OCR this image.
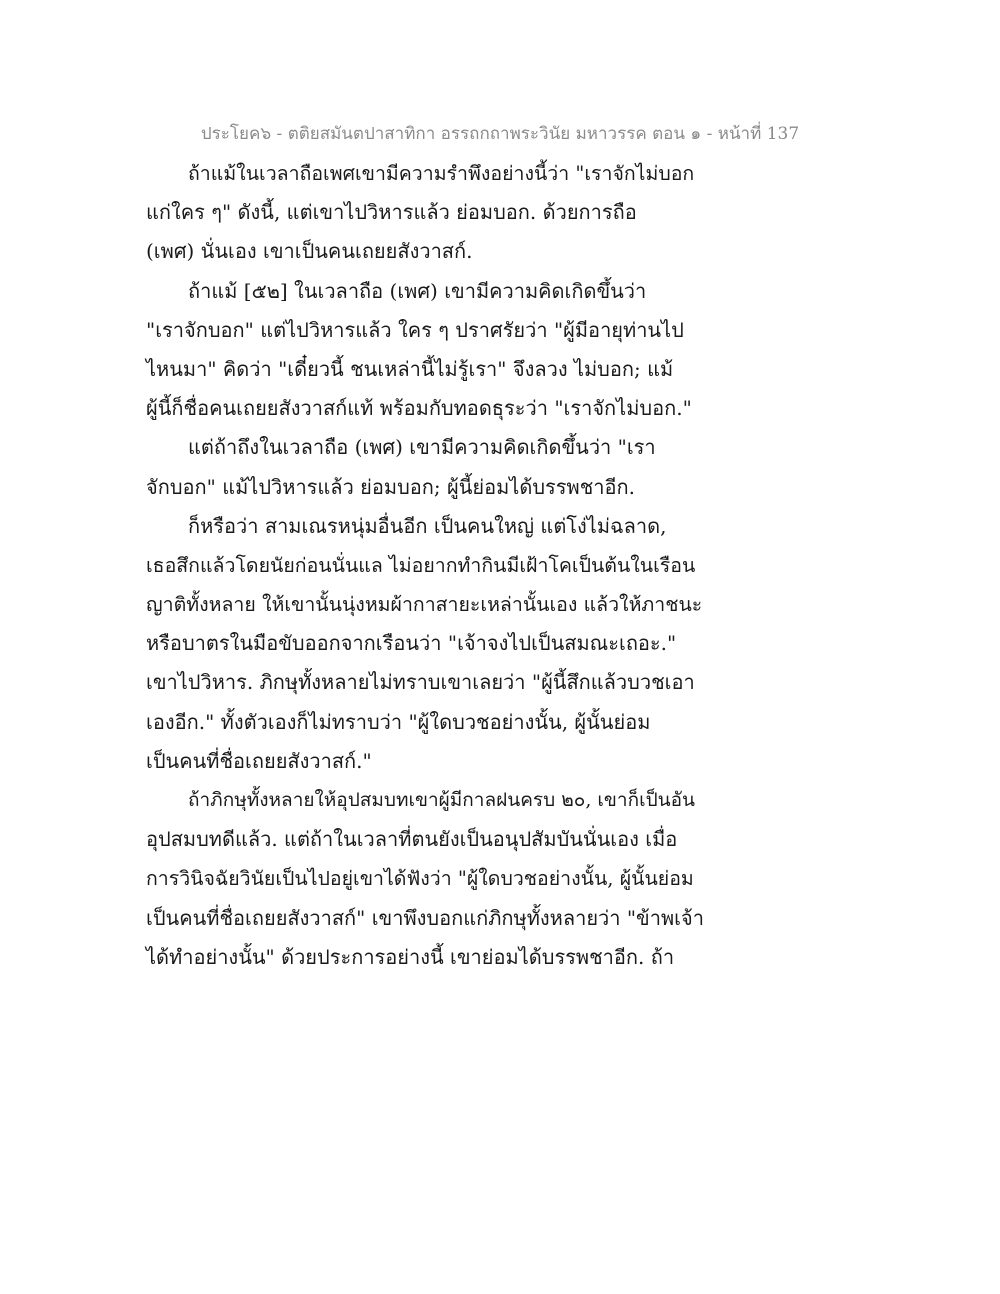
ประโยค๖ - ตติยสมันตปาสาทิกา อรรถกถาพระวินัย มหาวรรค ตอน ๑ - หน้าที่ 137
ถ้าแม้ในเวลาถือเพศเขามีความรำพึงอย่างนี้ว่า "เราจักไม่บอก
แก่ใคร ๆ" ดังนี้, แต่เขาไปวิหารแล้ว ย่อมบอก. ด้วยการถือ
(เพศ) นั่นเอง เขาเป็นคนเถยยสังวาสก์.
ถ้าแม้ [๕๒] ในเวลาถือ (เพศ) เขามีความคิดเกิดขึ้นว่า
"เราจักบอก" แต่ไปวิหารแล้ว ใคร ๆ ปราศรัยว่า "ผู้มีอายุท่านไป
ไหนมา" คิดว่า "เดี๋ยวนี้ ชนเหล่านี้ไม่รู้เรา" จึงลวง ไม่บอก; แม้
ผู้นี้ก็ชื่อคนเถยยสังวาสก์แท้ พร้อมกับทอดธุระว่า "เราจักไม่บอก."
แต่ถ้าถึงในเวลาถือ (เพศ) เขามีความคิดเกิดขึ้นว่า "เรา
จักบอก" แม้ไปวิหารแล้ว ย่อมบอก; ผู้นี้ย่อมได้บรรพชาอีก.
ก็หรือว่า สามเณรหนุ่มอื่นอีก เป็นคนใหญ่ แต่โง่ไม่ฉลาด,
เธอสึกแล้วโดยนัยก่อนนั่นแล ไม่อยากทำกินมีเฝ้าโคเป็นต้นในเรือน
ญาติทั้งหลาย ให้เขานั้นนุ่งหมผ้ากาสายะเหล่านั้นเอง แล้วให้ภาชนะ
หรือบาตรในมือขับออกจากเรือนว่า "เจ้าจงไปเป็นสมณะเถอะ."
เขาไปวิหาร. ภิกษุทั้งหลายไม่ทราบเขาเลยว่า "ผู้นี้สึกแล้วบวชเอา
เองอีก." ทั้งตัวเองก็ไม่ทราบว่า "ผู้ใดบวชอย่างนั้น, ผู้นั้นย่อม
เป็นคนที่ชื่อเถยยสังวาสก์."
ถ้าภิกษุทั้งหลายให้อุปสมบทเขาผู้มีกาลฝนครบ ๒๐, เขาก็เป็นอัน
อุปสมบทดีแล้ว. แต่ถ้าในเวลาที่ตนยังเป็นอนุปสัมบันนั่นเอง เมื่อ
การวินิจฉัยวินัยเป็นไปอยู่เขาได้ฟังว่า "ผู้ใดบวชอย่างนั้น, ผู้นั้นย่อม
เป็นคนที่ชื่อเถยยสังวาสก์" เขาพึงบอกแก่ภิกษุทั้งหลายว่า "ข้าพเจ้า
ได้ทำอย่างนั้น" ด้วยประการอย่างนี้ เขาย่อมได้บรรพชาอีก. ถ้า
